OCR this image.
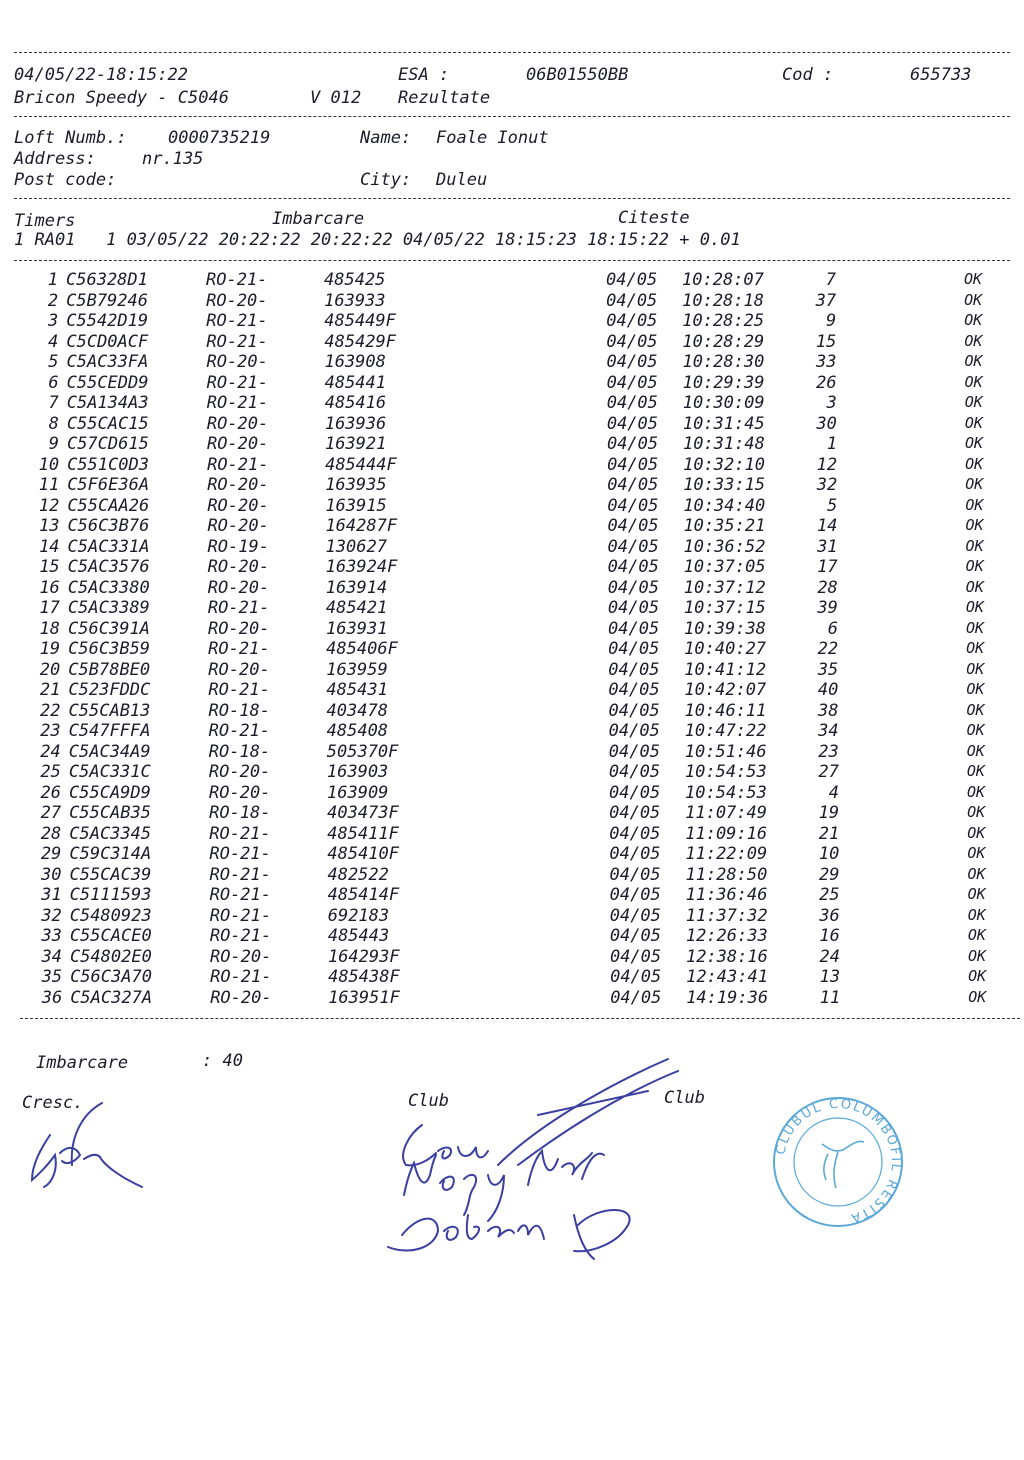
04/05/22-18:15:22	ESA :	06B01550BB	Cod :	655733
Bricon Speedy - C5046	V 012 Rezultate
Loft Numb.: 0000735219	Name: Foale Ionut
Address:	nr.135
Post code:	City: Duleu
Timers	Imbarcare	Citeste
1 RA01   1 03/05/22 20:22:22 20:22:22 04/05/22 18:15:23 18:15:22 + 0.01
1 C56328D1	RO-21-	485425	04/05 10:28:07	7	OK
2 C5B79246	RO-20-	163933	04/05 10:28:18	37	OK
3 C5542D19	RO-21-	485449F	04/05 10:28:25	9	OK
4 C5CD0ACF	RO-21-	485429F	04/05 10:28:29	15	OK
5 C5AC33FA	RO-20-	163908	04/05 10:28:30	33	OK
6 C55CEDD9	RO-21-	485441	04/05 10:29:39	26	OK
7 C5A134A3	RO-21-	485416	04/05 10:30:09	3	OK
8 C55CAC15	RO-20-	163936	04/05 10:31:45	30	OK
9 C57CD615	RO-20-	163921	04/05 10:31:48	1	OK
10 C551C0D3	RO-21-	485444F	04/05 10:32:10	12	OK
11 C5F6E36A	RO-20-	163935	04/05 10:33:15	32	OK
12 C55CAA26	RO-20-	163915	04/05 10:34:40	5	OK
13 C56C3B76	RO-20-	164287F	04/05 10:35:21	14	OK
14 C5AC331A	RO-19-	130627	04/05 10:36:52	31	OK
15 C5AC3576	RO-20-	163924F	04/05 10:37:05	17	OK
16 C5AC3380	RO-20-	163914	04/05 10:37:12	28	OK
17 C5AC3389	RO-21-	485421	04/05 10:37:15	39	OK
18 C56C391A	RO-20-	163931	04/05 10:39:38	6	OK
19 C56C3B59	RO-21-	485406F	04/05 10:40:27	22	OK
20 C5B78BE0	RO-20-	163959	04/05 10:41:12	35	OK
21 C523FDDC	RO-21-	485431	04/05 10:42:07	40	OK
22 C55CAB13	RO-18-	403478	04/05 10:46:11	38	OK
23 C547FFFA	RO-21-	485408	04/05 10:47:22	34	OK
24 C5AC34A9	RO-18-	505370F	04/05 10:51:46	23	OK
25 C5AC331C	RO-20-	163903	04/05 10:54:53	27	OK
26 C55CA9D9	RO-20-	163909	04/05 10:54:53	4	OK
27 C55CAB35	RO-18-	403473F	04/05 11:07:49	19	OK
28 C5AC3345	RO-21-	485411F	04/05 11:09:16	21	OK
29 C59C314A	RO-21-	485410F	04/05 11:22:09	10	OK
30 C55CAC39	RO-21-	482522	04/05 11:28:50	29	OK
31 C5111593	RO-21-	485414F	04/05 11:36:46	25	OK
32 C5480923	RO-21-	692183	04/05 11:37:32	36	OK
33 C55CACE0	RO-21-	485443	04/05 12:26:33	16	OK
34 C54802E0	RO-20-	164293F	04/05 12:38:16	24	OK
35 C56C3A70	RO-21-	485438F	04/05 12:43:41	13	OK
36 C5AC327A	RO-20-	163951F	04/05 14:19:36	11	OK
Imbarcare	: 40
Cresc.	Club	Club
CLUBUL COLUMBOFIL RESITA
